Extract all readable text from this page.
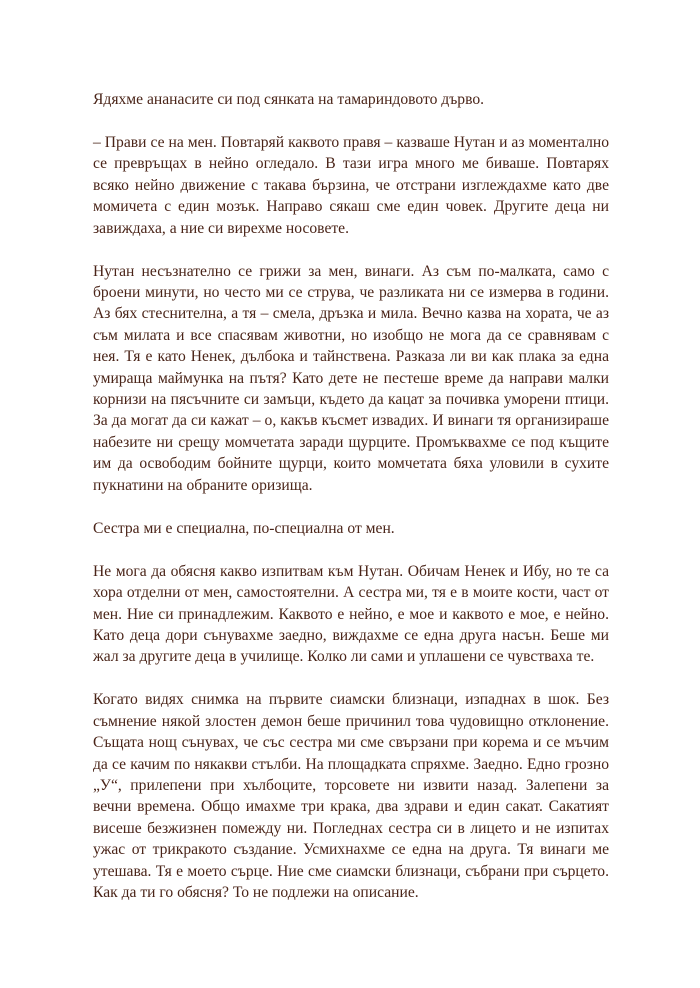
Ядяхме ананасите си под сянката на тамариндовото дърво.

– Прави се на мен. Повтаряй каквото правя – казваше Нутан и аз моментално се превръщах в нейно огледало. В тази игра много ме биваше. Повтарях всяко нейно движение с такава бързина, че отстрани изглеждахме като две момичета с един мозък. Направо сякаш сме един човек. Другите деца ни завиждаха, а ние си вирехме носовете.

Нутан несъзнателно се грижи за мен, винаги. Аз съм по-малката, само с броени минути, но често ми се струва, че разликата ни се измерва в години. Аз бях стеснителна, а тя – смела, дръзка и мила. Вечно казва на хората, че аз съм милата и все спасявам животни, но изобщо не мога да се сравнявам с нея. Тя е като Ненек, дълбока и тайнствена. Разказа ли ви как плака за една умираща маймунка на пътя? Като дете не пестеше време да направи малки корнизи на пясъчните си замъци, където да кацат за почивка уморени птици. За да могат да си кажат – о, какъв късмет извадих. И винаги тя организираше набезите ни срещу момчетата заради щурците. Промъквахме се под къщите им да освободим бойните щурци, които момчетата бяха уловили в сухите пукнатини на обраните оризища.

Сестра ми е специална, по-специална от мен.

Не мога да обясня какво изпитвам към Нутан. Обичам Ненек и Ибу, но те са хора отделни от мен, самостоятелни. А сестра ми, тя е в моите кости, част от мен. Ние си принадлежим. Каквото е нейно, е мое и каквото е мое, е нейно. Като деца дори сънувахме заедно, виждахме се една друга насън. Беше ми жал за другите деца в училище. Колко ли сами и уплашени се чувстваха те.

Когато видях снимка на първите сиамски близнаци, изпаднах в шок. Без съмнение някой злостен демон беше причинил това чудовищно отклонение. Същата нощ сънувах, че със сестра ми сме свързани при корема и се мъчим да се качим по някакви стълби. На площадката спряхме. Заедно. Едно грозно „У“, прилепени при хълбоците, торсовете ни извити назад. Залепени за вечни времена. Общо имахме три крака, два здрави и един сакат. Сакатият висеше безжизнен помежду ни. Погледнах сестра си в лицето и не изпитах ужас от трикракото създание. Усмихнахме се една на друга. Тя винаги ме утешава. Тя е моето сърце. Ние сме сиамски близнаци, събрани при сърцето. Как да ти го обясня? То не подлежи на описание.
